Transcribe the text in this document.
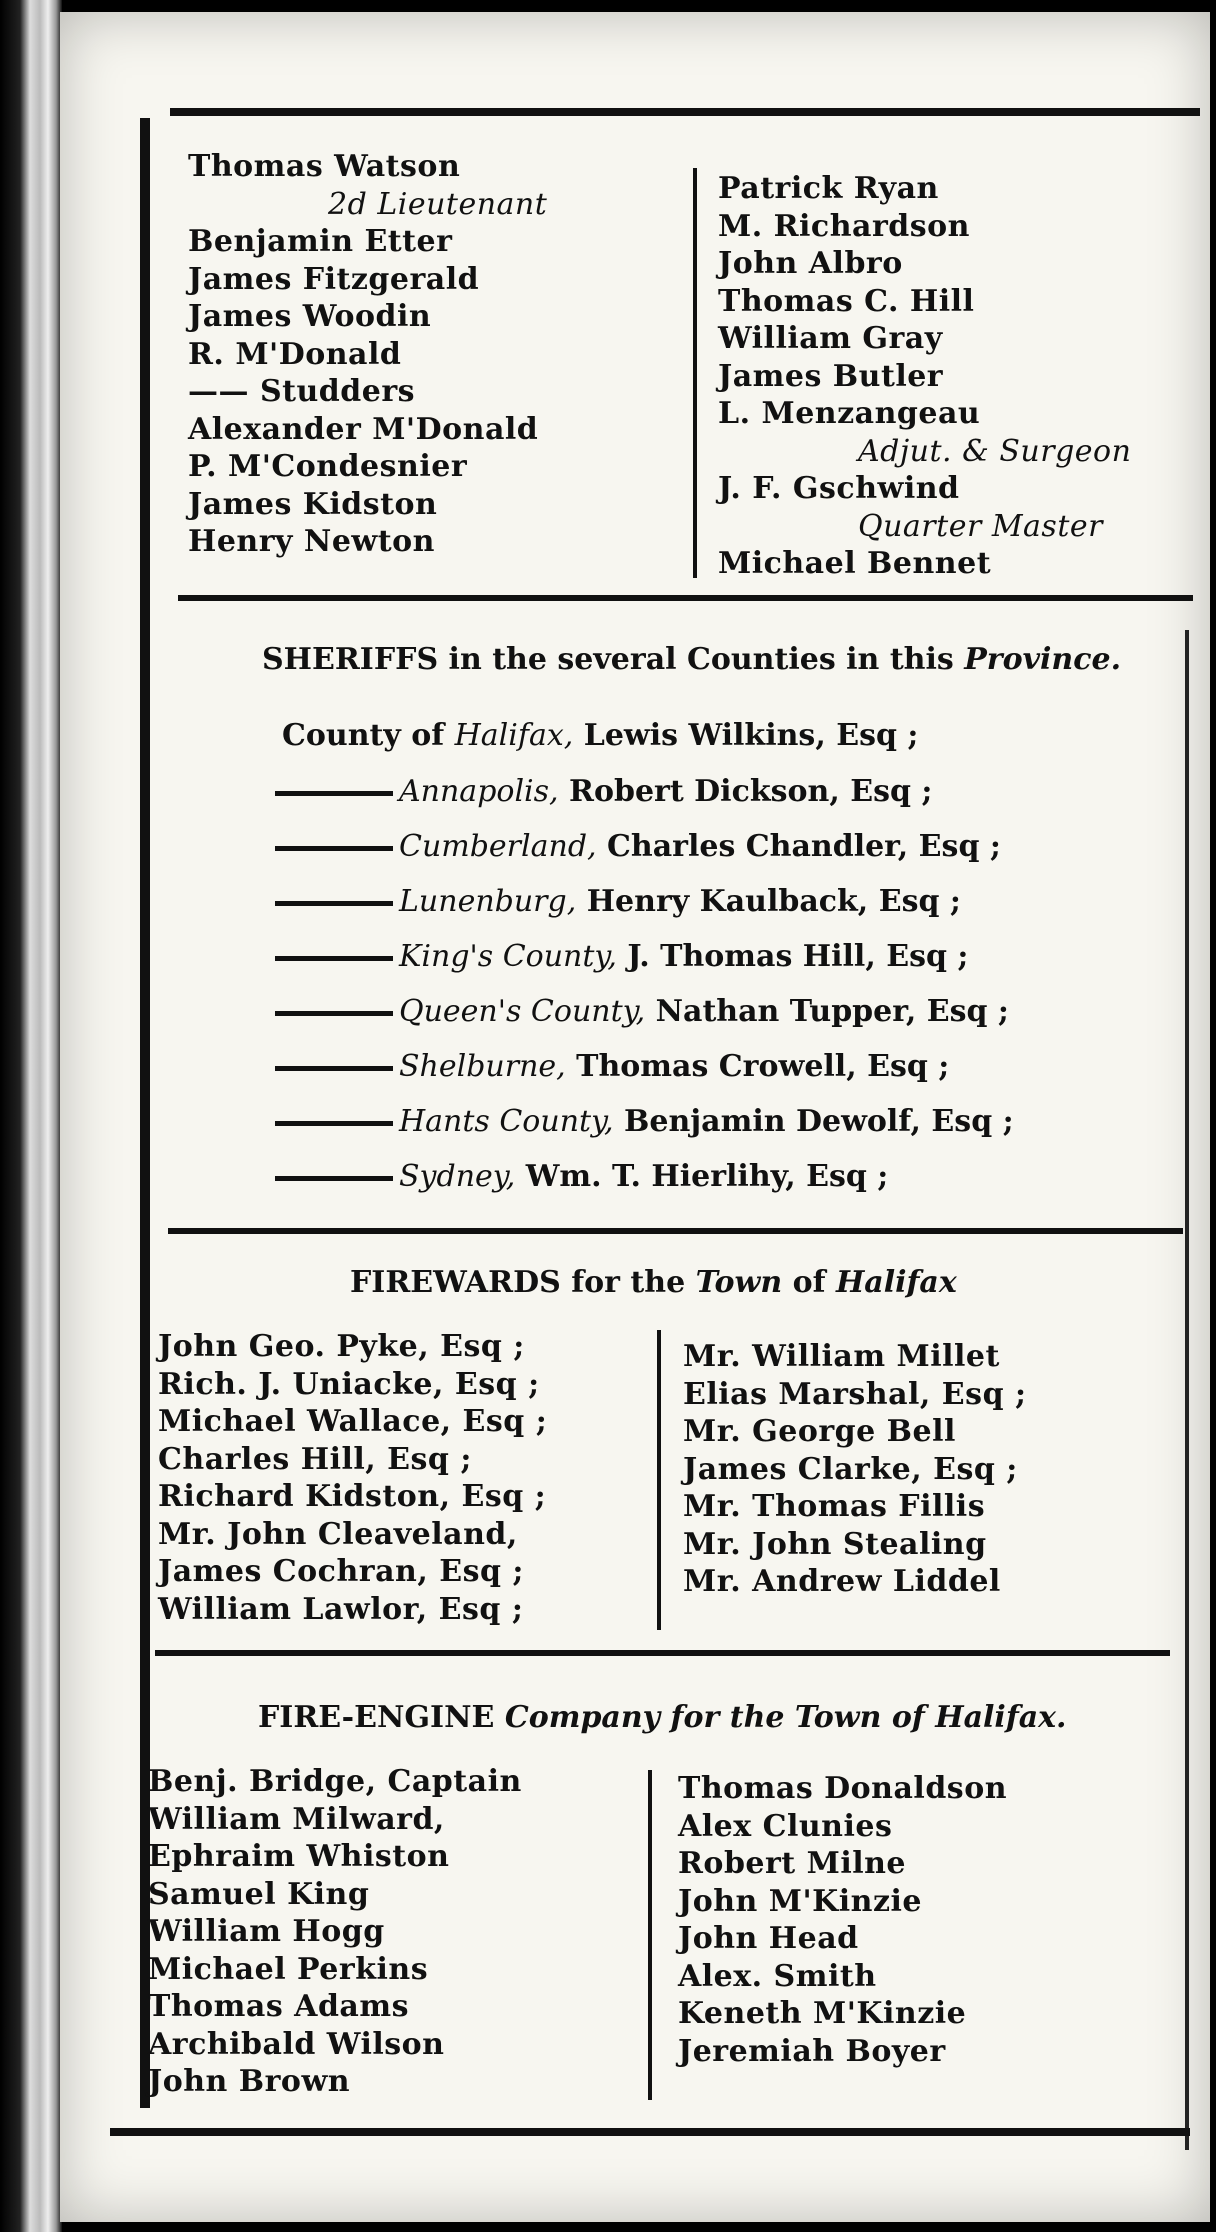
Thomas Watson
2d Lieutenant
Benjamin Etter
James Fitzgerald
James Woodin
R. M'Donald
—— Studders
Alexander M'Donald
P. M'Condesnier
James Kidston
Henry Newton
Patrick Ryan
M. Richardson
John Albro
Thomas C. Hill
William Gray
James Butler
L. Menzangeau
Adjut. & Surgeon
J. F. Gschwind
Quarter Master
Michael Bennet
SHERIFFS in the several Counties in this Province.
County of Halifax, Lewis Wilkins, Esq ;
Annapolis, Robert Dickson, Esq ;
Cumberland, Charles Chandler, Esq ;
Lunenburg, Henry Kaulback, Esq ;
King's County, J. Thomas Hill, Esq ;
Queen's County, Nathan Tupper, Esq ;
Shelburne, Thomas Crowell, Esq ;
Hants County, Benjamin Dewolf, Esq ;
Sydney, Wm. T. Hierlihy, Esq ;
FIREWARDS for the Town of Halifax
John Geo. Pyke, Esq ;
Rich. J. Uniacke, Esq ;
Michael Wallace, Esq ;
Charles Hill, Esq ;
Richard Kidston, Esq ;
Mr. John Cleaveland,
James Cochran, Esq ;
William Lawlor, Esq ;
Mr. William Millet
Elias Marshal, Esq ;
Mr. George Bell
James Clarke, Esq ;
Mr. Thomas Fillis
Mr. John Stealing
Mr. Andrew Liddel
FIRE-ENGINE Company for the Town of Halifax.
Benj. Bridge, Captain
William Milward,
Ephraim Whiston
Samuel King
William Hogg
Michael Perkins
Thomas Adams
Archibald Wilson
John Brown
Thomas Donaldson
Alex Clunies
Robert Milne
John M'Kinzie
John Head
Alex. Smith
Keneth M'Kinzie
Jeremiah Boyer
